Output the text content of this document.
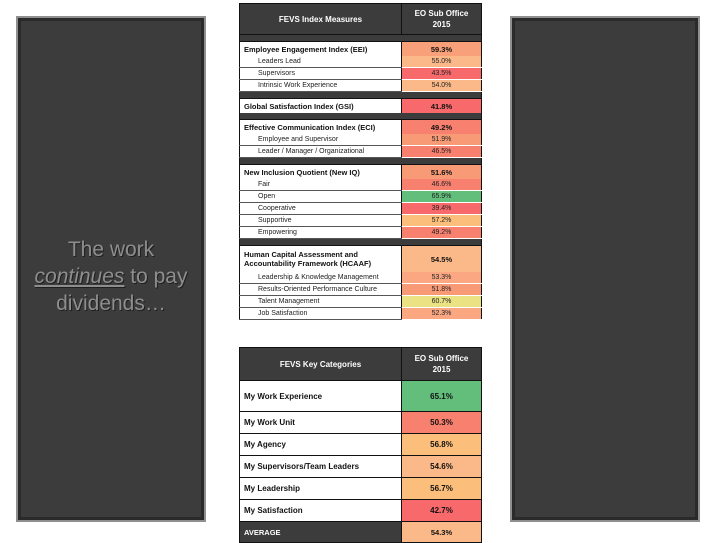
The work
continues to pay
dividends…
FEVS Index Measures	EO Sub Office
2015

Employee Engagement Index (EEI)	59.3%
Leaders Lead	55.0%
Supervisors	43.5%
Intrinsic Work Experience	54.0%

Global Satisfaction Index (GSI)	41.8%

Effective Communication Index (ECI)	49.2%
Employee and Supervisor	51.9%
Leader / Manager / Organizational	46.5%

New Inclusion Quotient (New IQ)	51.6%
Fair	46.6%
Open	65.9%
Cooperative	39.4%
Supportive	57.2%
Empowering	49.2%

Human Capital Assessment and Accountability Framework (HCAAF)	54.5%
Leadership & Knowledge Management	53.3%
Results-Oriented Performance Culture	51.8%
Talent Management	60.7%
Job Satisfaction	52.3%
FEVS Key Categories	EO Sub Office
2015

My Work Experience	65.1%
My Work Unit	50.3%
My Agency	56.8%
My Supervisors/Team Leaders	54.6%
My Leadership	56.7%
My Satisfaction	42.7%
AVERAGE	54.3%
